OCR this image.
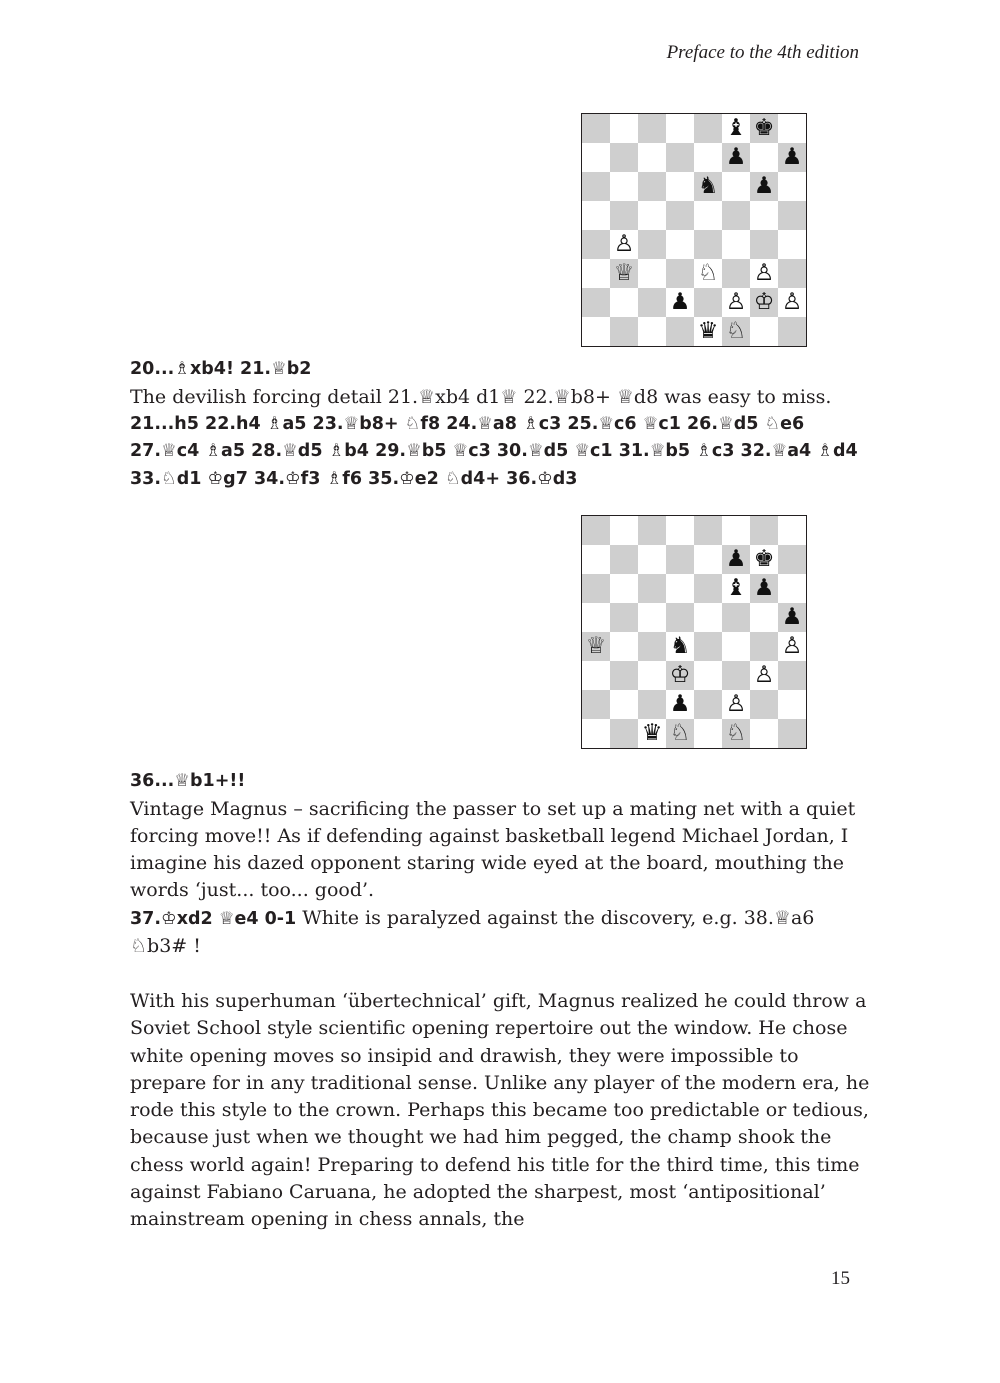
Preface to the 4th edition
♝ ♚
♟ ♟
♞ ♟
♙
♕	♘ ♙
♟ ♙ ♔ ♙
♛ ♘

20...♗xb4! 21.♕b2

The devilish forcing detail 21.♕xb4 d1♕ 22.♕b8+ ♕d8 was easy to miss.

21...h5 22.h4 ♗a5 23.♕b8+ ♘f8 24.♕a8 ♗c3 25.♕c6 ♕c1 26.♕d5 ♘e6 27.♕c4 ♗a5 28.♕d5 ♗b4 29.♕b5 ♕c3 30.♕d5 ♕c1 31.♕b5 ♗c3 32.♕a4 ♗d4 33.♘d1 ♔g7 34.♔f3 ♗f6 35.♔e2 ♘d4+ 36.♔d3

♟ ♚
♝ ♟
♟
♕	♞	♙
♔	♙
♟ ♙
♛ ♘ ♘

36...♕b1+!!

Vintage Magnus – sacrificing the passer to set up a mating net with a quiet forcing move!! As if defending against basketball legend Michael Jordan, I imagine his dazed opponent staring wide eyed at the board, mouthing the words ‘just... too... good’.

37.♔xd2 ♕e4 0-1 White is paralyzed against the discovery, e.g. 38.♕a6 ♘b3# !

With his superhuman ‘übertechnical’ gift, Magnus realized he could throw a Soviet School style scientific opening repertoire out the window. He chose white opening moves so insipid and drawish, they were impossible to prepare for in any traditional sense. Unlike any player of the modern era, he rode this style to the crown. Perhaps this became too predictable or tedious, because just when we thought we had him pegged, the champ shook the chess world again! Preparing to defend his title for the third time, this time against Fabiano Caruana, he adopted the sharpest, most ‘antipositional’ mainstream opening in chess annals, the

15
